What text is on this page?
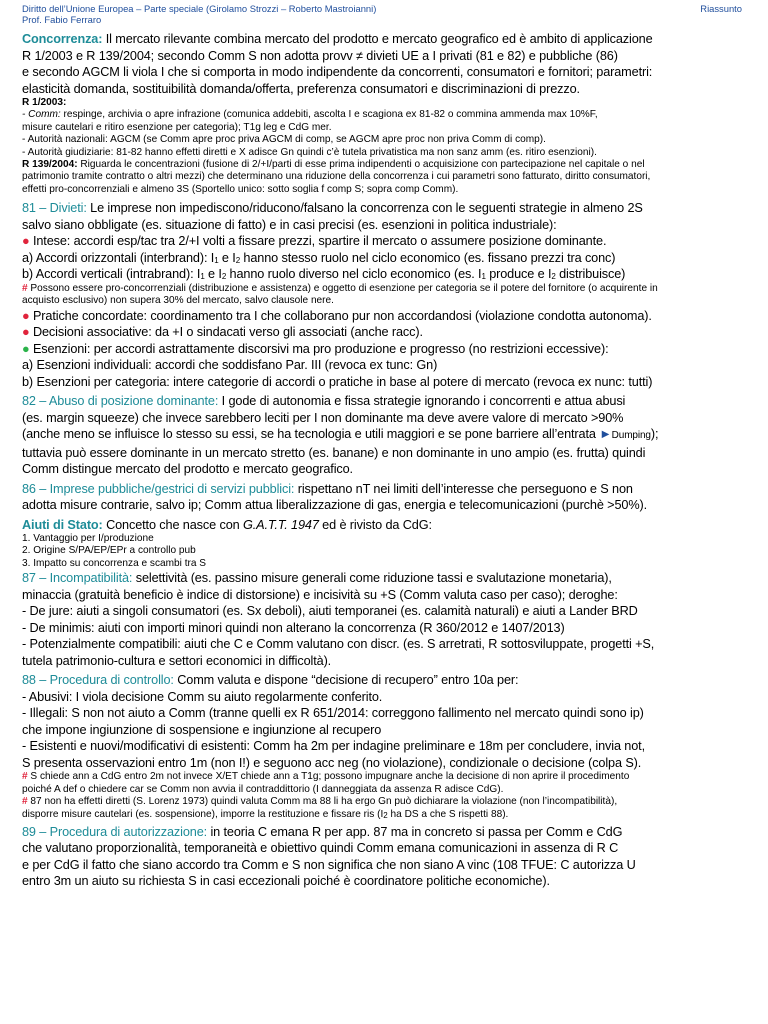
Diritto dell’Unione Europea – Parte speciale (Girolamo Strozzi – Roberto Mastroianni)
Prof. Fabio Ferraro
Riassunto
Concorrenza: Il mercato rilevante combina mercato del prodotto e mercato geografico ed è ambito di applicazione
R 1/2003 e R 139/2004; secondo Comm S non adotta provv ≠ divieti UE a I privati (81 e 82) e pubbliche (86)
e secondo AGCM li viola I che si comporta in modo indipendente da concorrenti, consumatori e fornitori; parametri:
elasticità domanda, sostituibilità domanda/offerta, preferenza consumatori e discriminazioni di prezzo.
R 1/2003:
- Comm: respinge, archivia o apre infrazione (comunica addebiti, ascolta I e scagiona ex 81-82 o commina ammenda max 10%F,
misure cautelari e ritiro esenzione per categoria); T1g leg e CdG mer.
- Autorità nazionali: AGCM (se Comm apre proc priva AGCM di comp, se AGCM apre proc non priva Comm di comp).
- Autorità giudiziarie: 81-82 hanno effetti diretti e X adisce Gn quindi c’è tutela privatistica ma non sanz amm (es. ritiro esenzioni).
R 139/2004: Riguarda le concentrazioni (fusione di 2/+I/parti di esse prima indipendenti o acquisizione con partecipazione nel capitale o nel
patrimonio tramite contratto o altri mezzi) che determinano una riduzione della concorrenza i cui parametri sono fatturato, diritto consumatori,
effetti pro-concorrenziali e almeno 3S (Sportello unico: sotto soglia f comp S; sopra comp Comm).
81 – Divieti: Le imprese non impediscono/riducono/falsano la concorrenza con le seguenti strategie in almeno 2S
salvo siano obbligate (es. situazione di fatto) e in casi precisi (es. esenzioni in politica industriale):
● Intese: accordi esp/tac tra 2/+I volti a fissare prezzi, spartire il mercato o assumere posizione dominante.
a) Accordi orizzontali (interbrand): $I_1$ e $I_2$ hanno stesso ruolo nel ciclo economico (es. fissano prezzi tra conc)
b) Accordi verticali (intrabrand): $I_1$ e $I_2$ hanno ruolo diverso nel ciclo economico (es. $I_1$ produce e $I_2$ distribuisce)
# Possono essere pro-concorrenziali (distribuzione e assistenza) e oggetto di esenzione per categoria se il potere del fornitore (o acquirente in
acquisto esclusivo) non supera 30% del mercato, salvo clausole nere.
● Pratiche concordate: coordinamento tra I che collaborano pur non accordandosi (violazione condotta autonoma).
● Decisioni associative: da +I o sindacati verso gli associati (anche racc).
● Esenzioni: per accordi astrattamente discorsivi ma pro produzione e progresso (no restrizioni eccessive):
a) Esenzioni individuali: accordi che soddisfano Par. III (revoca ex tunc: Gn)
b) Esenzioni per categoria: intere categorie di accordi o pratiche in base al potere di mercato (revoca ex nunc: tutti)
82 – Abuso di posizione dominante: I gode di autonomia e fissa strategie ignorando i concorrenti e attua abusi
(es. margin squeeze) che invece sarebbero leciti per I non dominante ma deve avere valore di mercato >90%
(anche meno se influisce lo stesso su essi, se ha tecnologia e utili maggiori e se pone barriere all’entrata ►Dumping);
tuttavia può essere dominante in un mercato stretto (es. banane) e non dominante in uno ampio (es. frutta) quindi
Comm distingue mercato del prodotto e mercato geografico.
86 – Imprese pubbliche/gestrici di servizi pubblici: rispettano nT nei limiti dell’interesse che perseguono e S non
adotta misure contrarie, salvo ip; Comm attua liberalizzazione di gas, energia e telecomunicazioni (purchè >50%).
Aiuti di Stato: Concetto che nasce con G.A.T.T. 1947 ed è rivisto da CdG:
1. Vantaggio per I/produzione
2. Origine S/PA/EP/EPr a controllo pub
3. Impatto su concorrenza e scambi tra S
87 – Incompatibilità: selettività (es. passino misure generali come riduzione tassi e svalutazione monetaria),
minaccia (gratuità beneficio è indice di distorsione) e incisività su +S (Comm valuta caso per caso); deroghe:
- De jure: aiuti a singoli consumatori (es. Sx deboli), aiuti temporanei (es. calamità naturali) e aiuti a Lander BRD
- De minimis: aiuti con importi minori quindi non alterano la concorrenza (R 360/2012 e 1407/2013)
- Potenzialmente compatibili: aiuti che C e Comm valutano con discr. (es. S arretrati, R sottosviluppate, progetti +S,
tutela patrimonio-cultura e settori economici in difficoltà).
88 – Procedura di controllo: Comm valuta e dispone “decisione di recupero” entro 10a per:
- Abusivi: I viola decisione Comm su aiuto regolarmente conferito.
- Illegali: S non not aiuto a Comm (tranne quelli ex R 651/2014: correggono fallimento nel mercato quindi sono ip)
che impone ingiunzione di sospensione e ingiunzione al recupero
- Esistenti e nuovi/modificativi di esistenti: Comm ha 2m per indagine preliminare e 18m per concludere, invia not,
S presenta osservazioni entro 1m (non I!) e seguono acc neg (no violazione), condizionale o decisione (colpa S).
# S chiede ann a CdG entro 2m not invece X/ET chiede ann a T1g; possono impugnare anche la decisione di non aprire il procedimento
poiché A def o chiedere car se Comm non avvia il contraddittorio (I danneggiata da assenza R adisce CdG).
# 87 non ha effetti diretti (S. Lorenz 1973) quindi valuta Comm ma 88 li ha ergo Gn può dichiarare la violazione (non l’incompatibilità),
disporre misure cautelari (es. sospensione), imporre la restituzione e fissare ris ($I_2$ ha DS a che S rispetti 88).
89 – Procedura di autorizzazione: in teoria C emana R per app. 87 ma in concreto si passa per Comm e CdG
che valutano proporzionalità, temporaneità e obiettivo quindi Comm emana comunicazioni in assenza di R C
e per CdG il fatto che siano accordo tra Comm e S non significa che non siano A vinc (108 TFUE: C autorizza U
entro 3m un aiuto su richiesta S in casi eccezionali poiché è coordinatore politiche economiche).
